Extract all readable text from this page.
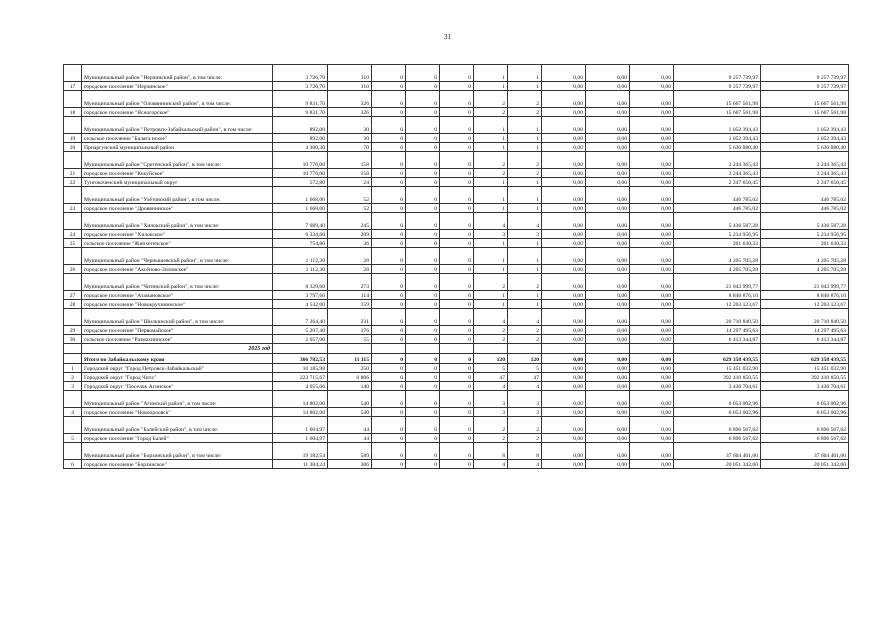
31
	Муниципальный район "Нерчинский район", в том числе:	3 726,70	110	0	0	0	1	1	0,00	0,00	0,00	9 257 739,97	9 257 739,97
17	городское поселение "Нерчинское"	3 726,70	110	0	0	0	1	1	0,00	0,00	0,00	9 257 739,97	9 257 739,97
	Муниципальный район "Оловяннинский район", в том числе:	9 831,70	326	0	0	0	2	2	0,00	0,00	0,00	15 667 561,98	15 667 561,98
18	городское поселение "Ясногорское"	9 831,70	326	0	0	0	2	2	0,00	0,00	0,00	15 667 561,98	15 667 561,98
	Муниципальный район "Петровск-Забайкальский район", в том числе:	892,00	30	0	0	0	1	1	0,00	0,00	0,00	1 052 394,43	1 052 394,43
19	сельское поселение "Баляга нское"	892,00	30	0	0	0	1	1	0,00	0,00	0,00	1 052 394,43	1 052 394,43
20	Приаргунский муниципальный район	4 300,30	70	0	0	0	1	1	0,00	0,00	0,00	5 636 080,40	5 636 080,40
	Муниципальный район "Сретенский район", в том числе:	10 776,00	158	0	0	0	2	2	0,00	0,00	0,00	3 244 365,43	3 244 365,43
21	городское поселение "Кокуйское"	10 776,00	158	0	0	0	2	2	0,00	0,00	0,00	3 244 365,43	3 244 365,43
22	Тунгокоченский муниципальный округ	572,80	24	0	0	0	1	1	0,00	0,00	0,00	2 247 650,45	2 247 650,45
	Муниципальный район "Улётовский район", в том числе:	1 668,00	52	0	0	0	1	1	0,00	0,00	0,00	446 785,02	446 785,02
23	городское поселение "Дровянинское"	1 668,00	52	0	0	0	1	1	0,00	0,00	0,00	446 785,02	446 785,02
	Муниципальный район "Хилокский район", в том числе:	7 089,40	245	0	0	0	4	4	0,00	0,00	0,00	5 436 587,28	5 436 587,28
24	городское поселение "Хилокское"	6 334,60	209	0	0	0	3	3	0,00	0,00	0,00	5 234 956,95	5 234 956,95
25	сельское поселение "Жипхегенское"	754,80	36	0	0	0	1	1	0,00	0,00	0,00	201 630,33	201 630,33
	Муниципальный район "Чернышевский район", в том числе:	1 112,30	28	0	0	0	1	1	0,00	0,00	0,00	4 205 705,28	4 205 705,28
26	городское поселение "Аксёново-Зиловское"	1 112,30	28	0	0	0	1	1	0,00	0,00	0,00	4 205 705,28	4 205 705,28
	Муниципальный район "Читинский район", в том числе:	8 329,60	273	0	0	0	2	2	0,00	0,00	0,00	21 043 999,77	21 043 999,77
27	городское поселение "Атамановское"	3 797,60	114	0	0	0	1	1	0,00	0,00	0,00	8 840 876,10	8 840 876,10
28	городское поселение "Новокручининское"	4 532,00	159	0	0	0	1	1	0,00	0,00	0,00	12 203 123,67	12 203 123,67
	Муниципальный район "Шилкинский район", в том числе:	7 264,40	231	0	0	0	4	4	0,00	0,00	0,00	20 710 840,50	20 710 840,50
29	городское поселение "Первомайское"	5 207,40	176	0	0	0	2	2	0,00	0,00	0,00	14 297 495,63	14 297 495,63
30	сельское поселение "Размахнинское"	2 057,00	55	0	0	0	2	2	0,00	0,00	0,00	6 413 344,87	6 413 344,87
	2025 год												
	Итого по Забайкальскому краю	366 782,53	11 115	0	0	0	120	120	0,00	0,00	0,00	629 358 439,55	629 358 439,55
1	Городской округ "Город Петровск-Забайкальский"	10 185,98	250	0	0	0	5	5	0,00	0,00	0,00	15 451 032,90	15 451 032,90
2	Городской округ "Город Чита"	223 715,67	6 806	0	0	0	47	47	0,00	0,00	0,00	392 410 850,55	392 410 850,55
3	Городской округ "Поселок Агинское"	4 055,06	140	0	0	0	4	4	0,00	0,00	0,00	3 436 704,61	3 436 704,61
	Муниципальный район "Агинский район", в том числе:	14 802,00	540	0	0	0	3	3	0,00	0,00	0,00	6 053 002,96	6 053 002,96
4	городское поселение "Новоорловск"	14 802,00	540	0	0	0	3	3	0,00	0,00	0,00	6 053 002,96	6 053 002,96
	Муниципальный район "Балейский район", в том числе:	1 604,97	44	0	0	0	2	2	0,00	0,00	0,00	6 896 567,62	6 896 567,62
5	городское поселение "Город Балей"	1 604,97	44	0	0	0	2	2	0,00	0,00	0,00	6 896 567,62	6 896 567,62
	Муниципальный район "Борзинский район", в том числе:	19 182,54	589	0	0	0	8	8	0,00	0,00	0,00	37 604 401,00	37 604 401,00
6	городское поселение "Борзинское"	11 304,24	306	0	0	0	4	4	0,00	0,00	0,00	20 051 342,00	20 051 342,00
